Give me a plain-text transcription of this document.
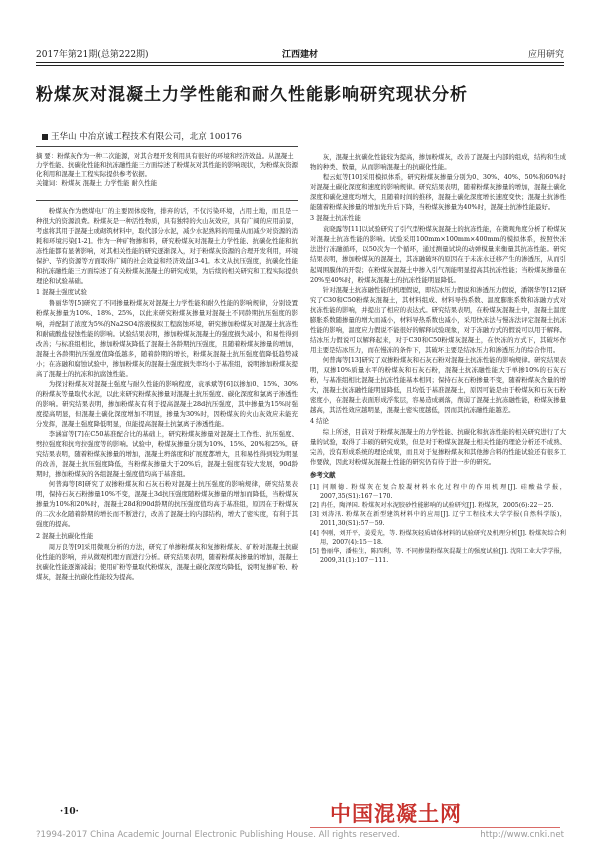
2017年第21期(总第222期)	江西建材	应用研究
粉煤灰对混凝土力学性能和耐久性能影响研究现状分析
王华山 中冶京诚工程技术有限公司，北京 100176
摘 要：粉煤灰作为一种二次能源，对其合理开发利用具有很好的环境和经济效益。从混凝土力学性能、抗碳化性能和抗冻融性能三方面综述了粉煤灰对其性能的影响现状，为粉煤灰资源化利用和混凝土工程实际提供参考依据。
关键词：粉煤灰 混凝土 力学性能 耐久性能

粉煤灰作为燃煤电厂的主要固体废物，排弃的话，不仅污染环境，占用土地，而且是一种很大的资源浪费。粉煤灰是一种活性物质，具有独特的火山灰效应，具有广阔的应用前景，考虑将其用于混凝土或砌筑材料中，取代部分水泥，减少水泥熟料的用量从而减少对资源的消耗和环境污染[1-2]。作为一种矿物掺和料，研究粉煤灰对混凝土力学性能、抗碳化性能和抗冻性能都有显著影响，对其相关性能的研究逐渐深入，对于粉煤灰资源的合理开发利用，环境保护、节约资源等方面取得广阔的社会效益和经济效益[3-4]。本文从抗压强度，抗碳化性能和抗冻融性能三方面综述了有关粉煤灰混凝土的研究成果，为后续的相关研究和工程实际提供理论和试验基础。

1 混凝土强度试验

鲁丽华等[5]研究了不同掺量粉煤灰对混凝土力学性能和耐久性能的影响规律，分别设置粉煤灰掺量为10%、18%、25%，以此来研究粉煤灰掺量对混凝土不同龄期抗压强度的影响，并配制了浓度为5%的Na2SO4溶液模拟工程腐蚀环境，研究掺加粉煤灰对混凝土抗冻性和耐硫酸盐侵蚀性能的影响。试验结果表明，掺加粉煤灰混凝土的强度损失减小，和易性得到改善；与标准组相比，掺加粉煤灰降低了混凝土各龄期抗压强度，且随着粉煤灰掺量的增加，混凝土各龄期抗压强度值降低越多，随着龄期的增长，粉煤灰混凝土抗压强度值降低趋势减小；在冻融和腐蚀试验中，掺加粉煤灰的混凝土强度损失率均小于基准组，说明掺加粉煤灰提高了混凝土的抗冻和抗腐蚀性能。

为探讨粉煤灰对混凝土强度与耐久性能的影响程度，袁承斌等[6]以掺加0、15%、30%的粉煤灰等量取代水泥，以此来研究粉煤灰掺量对混凝土抗压强度、碳化深度和氯离子渗透性的影响。研究结果表明，掺加粉煤灰有利于提高混凝土28d抗压强度，其中掺量为15%时强度提高明显，但混凝土碳化深度增加不明显，掺量为30%时，因粉煤灰的火山灰效应未能充分发挥，混凝土强度降低明显，但能提高混凝土抗氯离子渗透性能。

李涵富等[7]在C50基准配合比的基础上，研究粉煤灰掺量对混凝土工作性、抗压强度、劈拉强度和抗弯拉强度等的影响。试验中，粉煤灰掺量分别为10%、15%、20%和25%。研究结果表明，随着粉煤灰掺量的增加，混凝土坍落度和扩展度都增大，且和易性得到较为明显的改善，混凝土抗压强度降低，当粉煤灰掺量大于20%后，混凝土强度有较大发展，90d龄期时，掺加粉煤灰的各组混凝土强度值均高于基准组。

何普海等[8]研究了双掺粉煤灰和石灰石粉对混凝土抗压强度的影响规律，研究结果表明，保持石灰石粉掺量10%不变，混凝土3d抗压强度随粉煤灰掺量的增加而降低，当粉煤灰掺量为10%和20%时，混凝土28d和90d龄期的抗压强度值均高于基准组，原因在于粉煤灰的二次水化随着龄期的增长而不断进行，改善了混凝土的内部结构，增大了密实度，有利于其强度的提高。

2 混凝土抗碳化性能

周万良等[9]采用微观分析的方法，研究了单掺粉煤灰和复掺粉煤灰、矿粉对混凝土抗碳化性能的影响，并从微观机理方面进行分析。研究结果表明，随着粉煤灰掺量的增加，混凝土抗碳化性能逐渐减弱；使用矿粉等量取代粉煤灰，混凝土碳化深度均降低，说明复掺矿粉、粉煤灰，混凝土抗碳化性能较为提高。

灰，混凝土抗碳化性能较为提高，掺加粉煤灰，改善了混凝土内部的组成，结构和生成物的种类、数量，从而影响混凝土的抗碳化性能。

程云虹等[10]采用模拟体系，研究粉煤灰掺量分别为0、30%、40%、50%和60%时对混凝土碳化深度和速度的影响规律。研究结果表明，随着粉煤灰掺量的增加，混凝土碳化深度和碳化速度均增大，且随着时间的推移，混凝土碳化深度增长速度变快；混凝土抗渗性能随着粉煤灰掺量的增加先升后下降，当粉煤灰掺量为40%时，混凝土抗渗性能最好。

3 混凝土抗冻性能

袁晓露等[11]以试验研究了引气型粉煤灰混凝土的抗冻性能，在微观角度分析了粉煤灰对混凝土抗冻性能的影响。试验采用100mm×100mm×400mm的模拟体系，按照快冻法进行冻融循环，以50次为一个循环，通过测量试块的动弹模量来衡量其抗冻性能。研究结果表明，掺加粉煤灰的混凝土，其冻融破坏的原因在于未冻水迁移产生的渗透压，从而引起周围膜体的开裂；在粉煤灰混凝土中掺入引气剂能明显提高其抗冻性能；当粉煤灰掺量在20%至40%时，粉煤灰混凝土的抗冻性能明显降低。

针对混凝土抗冻融性能的机理假说，即结冰压力假说和渗透压力假说，潘钢华等[12]研究了C30和C50粉煤灰混凝土，其材料组成、材料导热系数、温度膨胀系数和冻融方式对抗冻性能的影响，并提出了相应的表达式。研究结果表明，在粉煤灰混凝土中，混凝土温度膨胀系数随掺量的增大而减小，材料导热系数也减小，采用快冻法与慢冻法评定混凝土抗冻性能的影响，温度应力假说不能很好的解释试验现象，对于冻融方式的假说可以用于解释。结冰压力假说可以解释起来，对于C30和C50粉煤灰混凝土，在快冻的方式下，其破坏作用主要是结冰压力，而在慢冻的条件下，其破坏主要是结冰压力和渗透压力的综合作用。

何普海等[13]研究了双掺粉煤灰和石灰石粉对混凝土抗冻性能的影响规律。研究结果表明，双掺10%质量水平的粉煤灰和石灰石粉，混凝土抗冻融性能大于单掺10%的石灰石粉，与基准组相比混凝土抗冻性能基本相同；保持石灰石粉掺量不变，随着粉煤灰含量的增大，混凝土抗冻融性能明显降低，且均低于基准混凝土，原因可能是由于粉煤灰和石灰石粉密度小，在混凝土表面形成浮浆层，容易造成剥落，削弱了混凝土抗冻融性能，粉煤灰掺量越高，其活性效应越明显，混凝土密实度越低，因而其抗冻融性能越差。

4 结论

综上所述，目前对于粉煤灰混凝土的力学性能、抗碳化和抗冻性能的相关研究进行了大量的试验，取得了丰硕的研究成果，但是对于粉煤灰混凝土相关性能的理论分析还不成熟、完善，没有形成系统的理论成果，而且对于复掺粉煤灰和其他掺合料的性能试验还有很多工作要做，因此对粉煤灰混凝土性能的研究仍有待于进一步的研究。

参考文献
[1] 闫顺德. 粉煤灰在复合胶凝材料水化过程中的作用机理[J]. 硅酸盐学报，2007,35(S1):167－170.
[2] 冉任，陶泽国. 粉煤灰对水泥胶砂性能影响的试验研究[J]. 粉煤灰，2005(6):22－25.
[3] 刘涛汛. 粉煤灰在新型建筑材料中的应用[J]. 辽宁工程技术大学学报(自然科学版)，2011,30(S1):57－59.
[4] 李刚，刘开平，姜爱光，等. 粉煤灰轻质墙体材料的试验研究及机理分析[J]. 粉煤灰综合利用，2007(4):15－18.
[5] 鲁丽华，潘桂生，陈四利，等. 不同掺量粉煤灰混凝土的强度试验[J]. 沈阳工业大学学报，2009,31(1):107－111.
·10·	中国混凝土网
?1994-2017 China Academic Journal Electronic Publishing House. All rights reserved.	http://www.cnki.net
